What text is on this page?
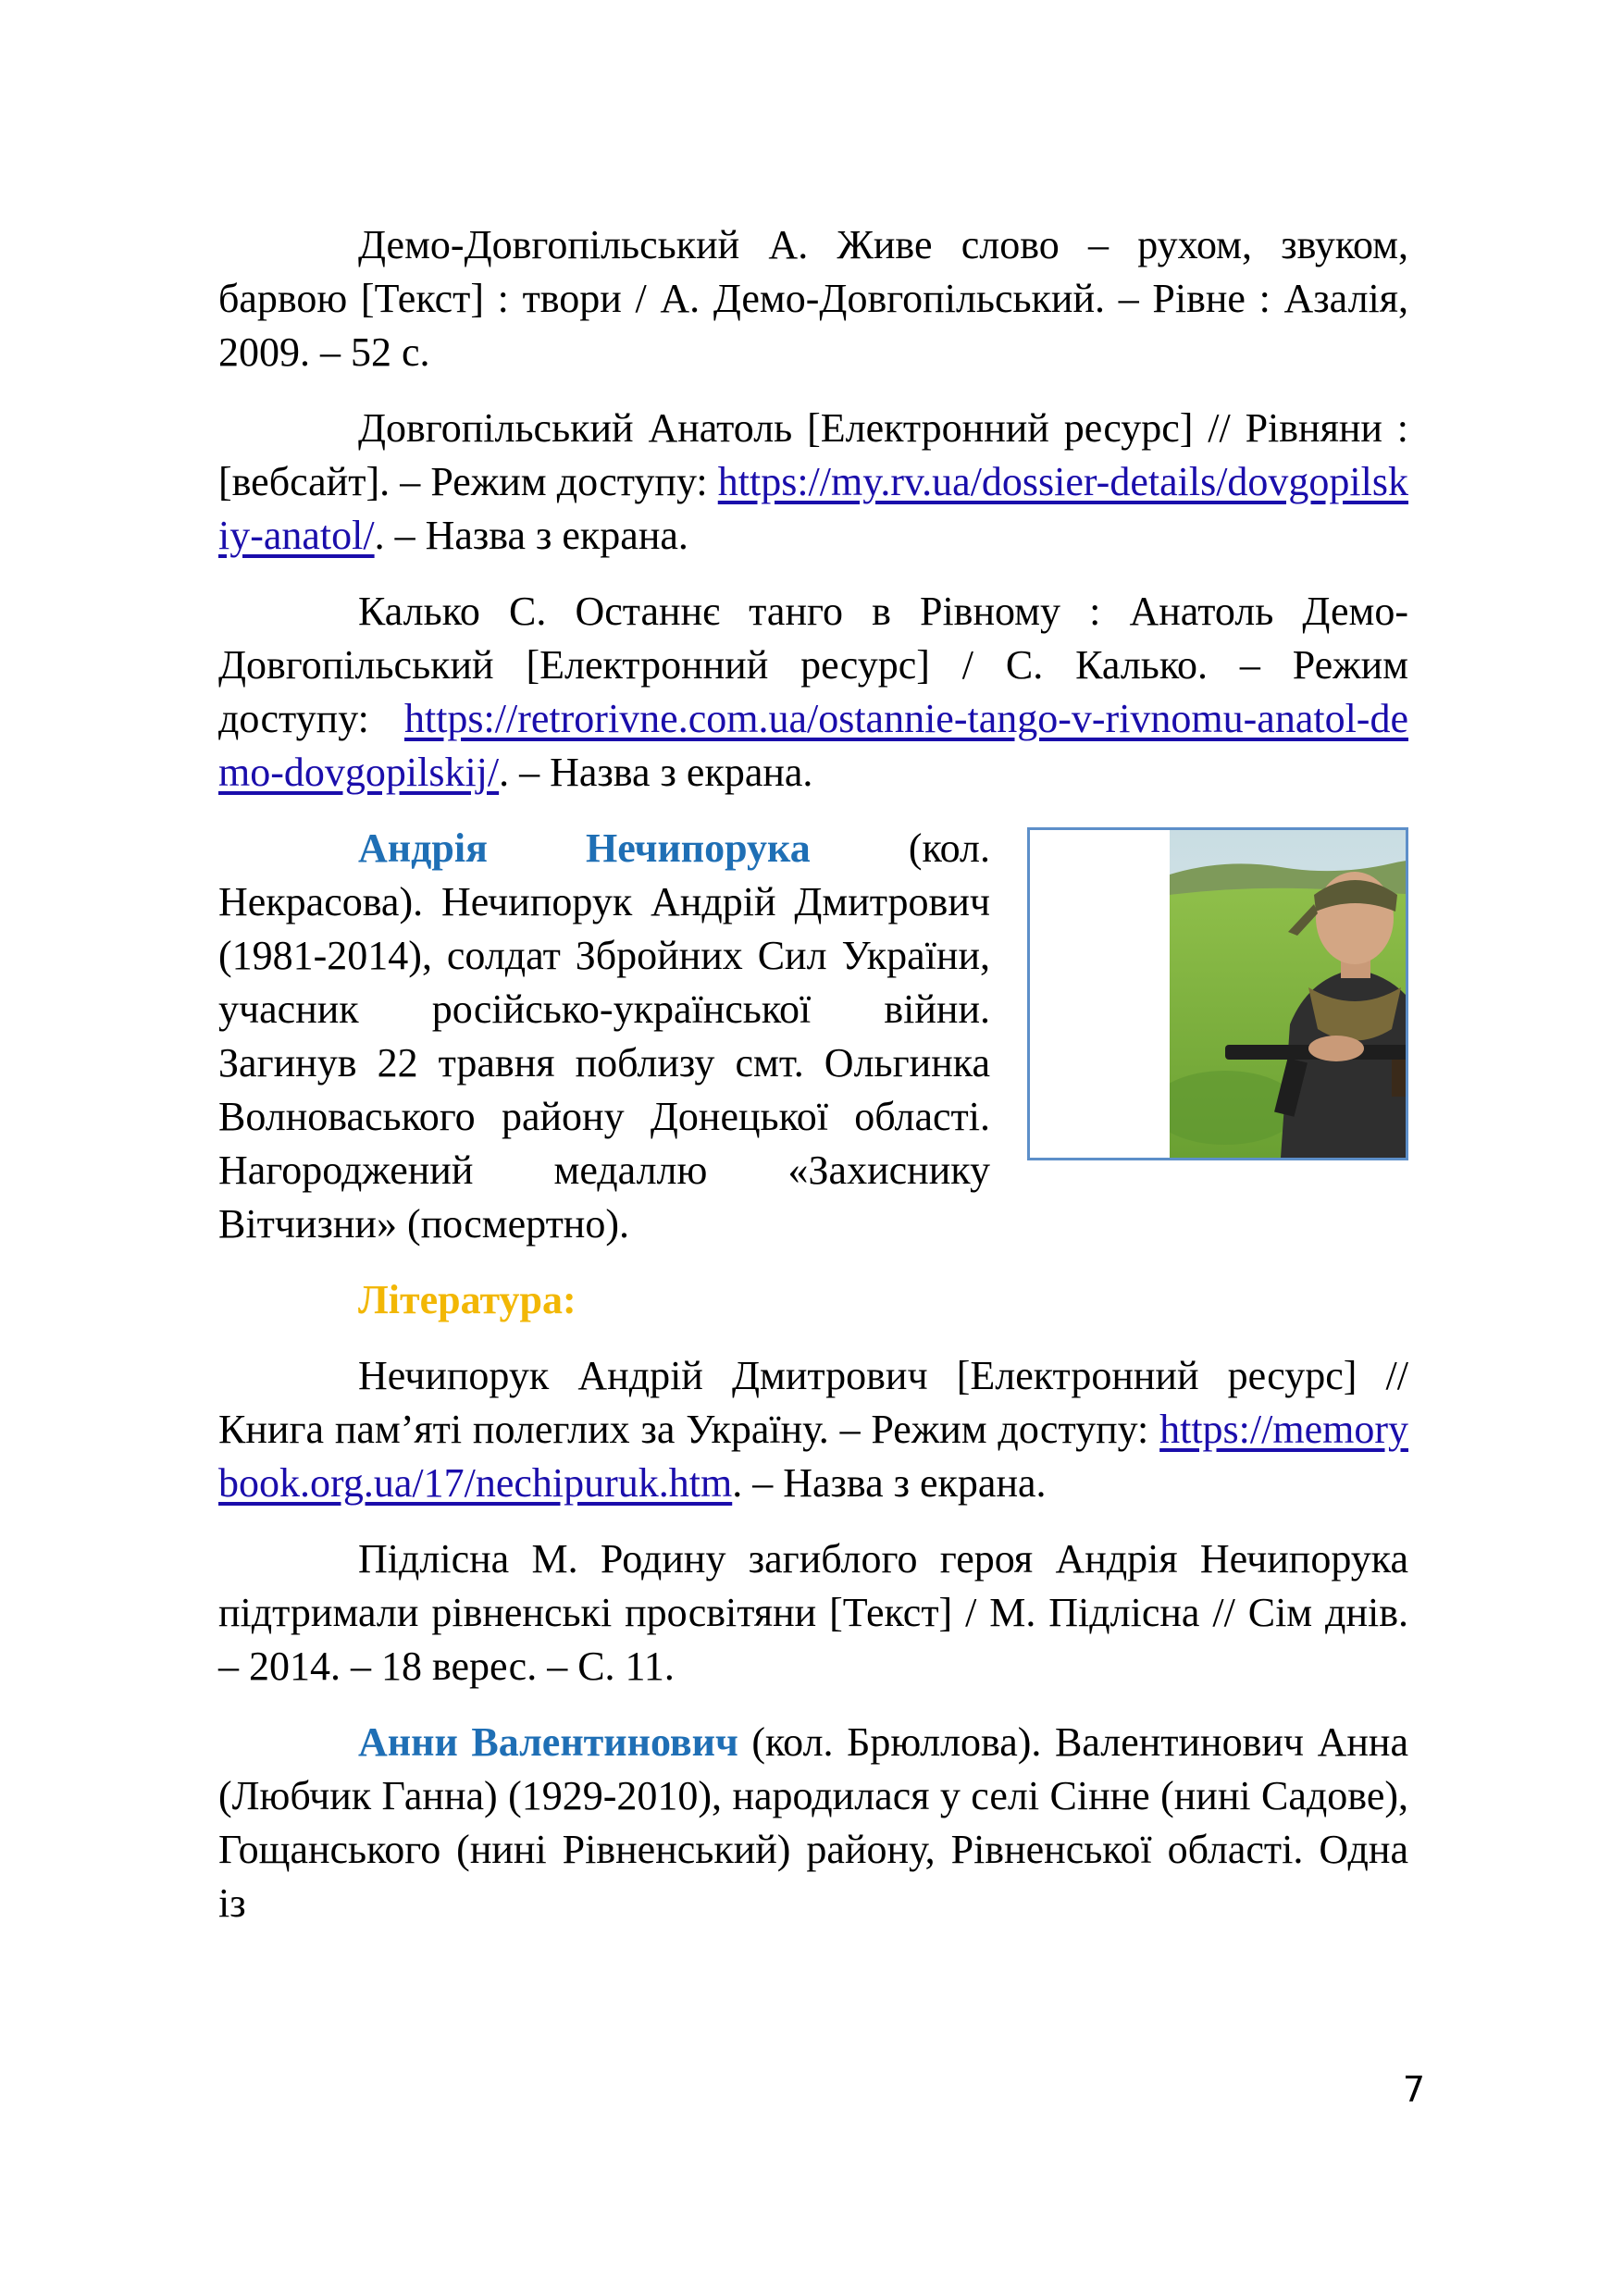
Демо-Довгопільський А. Живе слово – рухом, звуком, барвою [Текст] : твори / А. Демо-Довгопільський. – Рівне : Азалія, 2009. – 52 с.

Довгопільський Анатоль [Електронний ресурс] // Рівняни : [вебсайт]. – Режим доступу: https://my.rv.ua/dossier-details/dovgopilskiy-anatol/. – Назва з екрана.

Калько С. Останнє танго в Рівному : Анатоль Демо-Довгопільський [Електронний ресурс] / С. Калько. – Режим доступу: https://retrorivne.com.ua/ostannie-tango-v-rivnomu-anatol-demo-dovgopilskij/. – Назва з екрана.

Андрія Нечипорука
(кол. Некрасова). Нечипорук Андрій Дмитрович (1981-2014), солдат Збройних Сил України, учасник російсько-української війни. Загинув 22 травня поблизу смт. Ольгинка Волноваського району Донецької області. Нагороджений медаллю «Захиснику Вітчизни» (посмертно).

Література:

Нечипорук Андрій Дмитрович [Електронний ресурс] // Книга пам’яті полеглих за Україну. – Режим доступу: https://memorybook.org.ua/17/nechipuruk.htm. – Назва з екрана.

Підлісна М. Родину загиблого героя Андрія Нечипорука підтримали рівненські просвітяни [Текст] / М. Підлісна // Сім днів. – 2014. – 18 верес. – С. 11.

Анни Валентинович (кол. Брюллова). Валентинович Анна (Любчик Ганна) (1929-2010), народилася у селі Сінне (нині Садове), Гощанського (нині Рівненський) району, Рівненської області. Одна із

7
